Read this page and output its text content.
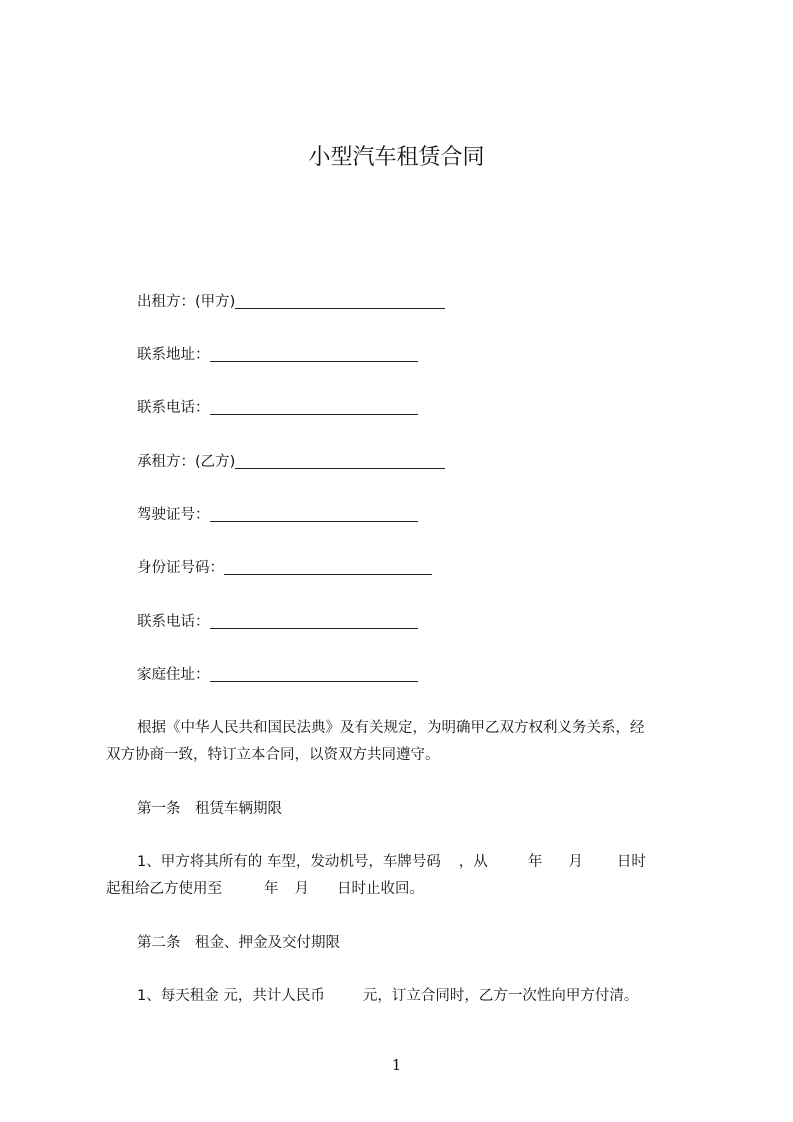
小型汽车租赁合同
出租方：(甲方)
联系地址：
联系电话：
承租方：(乙方)
驾驶证号：
身份证号码：
联系电话：
家庭住址：
根据《中华人民共和国民法典》及有关规定，为明确甲乙双方权利义务关系，经
双方协商一致，特订立本合同，以资双方共同遵守。
第一条　租赁车辆期限
1、甲方将其所有的 车型，发动机号，车牌号码 ，从	年 月 日时
起租给乙方使用至	年 月 日时止收回。
第二条　租金、押金及交付期限
1、每天租金 元，共计人民币	元，订立合同时，乙方一次性向甲方付清。
1
